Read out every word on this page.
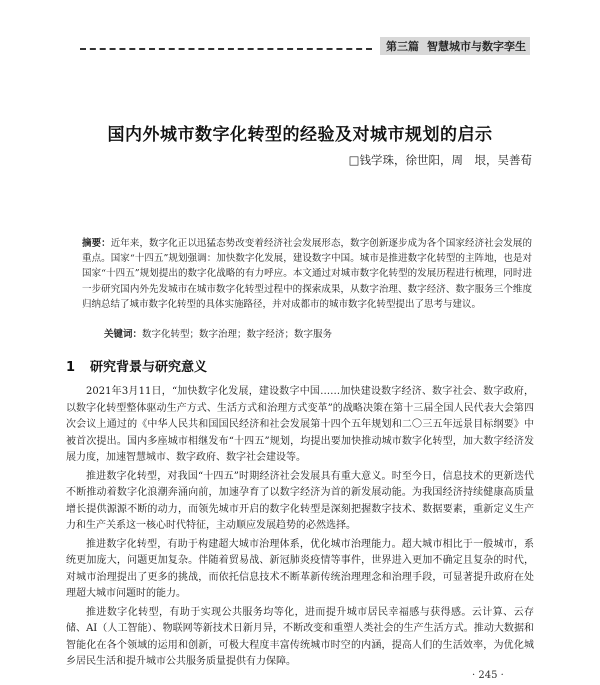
第三篇 智慧城市与数字孪生
国内外城市数字化转型的经验及对城市规划的启示
□钱学珠，徐世阳，周　垠，吴善荀
摘要：近年来，数字化正以迅猛态势改变着经济社会发展形态，数字创新逐步成为各个国家经济社会发展的重点。国家“十四五”规划强调：加快数字化发展，建设数字中国。城市是推进数字化转型的主阵地，也是对国家“十四五”规划提出的数字化战略的有力呼应。本文通过对城市数字化转型的发展历程进行梳理，同时进一步研究国内外先发城市在城市数字化转型过程中的探索成果，从数字治理、数字经济、数字服务三个维度归纳总结了城市数字化转型的具体实施路径，并对成都市的城市数字化转型提出了思考与建议。
关键词：数字化转型；数字治理；数字经济；数字服务
1 研究背景与研究意义

2021年3月11日，“加快数字化发展，建设数字中国……加快建设数字经济、数字社会、数字政府，以数字化转型整体驱动生产方式、生活方式和治理方式变革”的战略决策在第十三届全国人民代表大会第四次会议上通过的《中华人民共和国国民经济和社会发展第十四个五年规划和二〇三五年远景目标纲要》中被首次提出。国内多座城市相继发布“十四五”规划，均提出要加快推动城市数字化转型，加大数字经济发展力度，加速智慧城市、数字政府、数字社会建设等。

推进数字化转型，对我国“十四五”时期经济社会发展具有重大意义。时至今日，信息技术的更新迭代不断推动着数字化浪潮奔涌向前，加速孕育了以数字经济为首的新发展动能。为我国经济持续健康高质量增长提供源源不断的动力，而领先城市开启的数字化转型是深刻把握数字技术、数据要素，重新定义生产力和生产关系这一核心时代特征，主动顺应发展趋势的必然选择。

推进数字化转型，有助于构建超大城市治理体系，优化城市治理能力。超大城市相比于一般城市，系统更加庞大，问题更加复杂。伴随着贸易战、新冠肺炎疫情等事件，世界进入更加不确定且复杂的时代，对城市治理提出了更多的挑战，而依托信息技术不断革新传统治理理念和治理手段，可显著提升政府在处理超大城市问题时的能力。

推进数字化转型，有助于实现公共服务均等化，进而提升城市居民幸福感与获得感。云计算、云存储、AI（人工智能）、物联网等新技术日新月异，不断改变和重塑人类社会的生产生活方式。推动大数据和智能化在各个领域的运用和创新，可极大程度丰富传统城市时空的内涵，提高人们的生活效率，为优化城乡居民生活和提升城市公共服务质量提供有力保障。

· 245 ·
